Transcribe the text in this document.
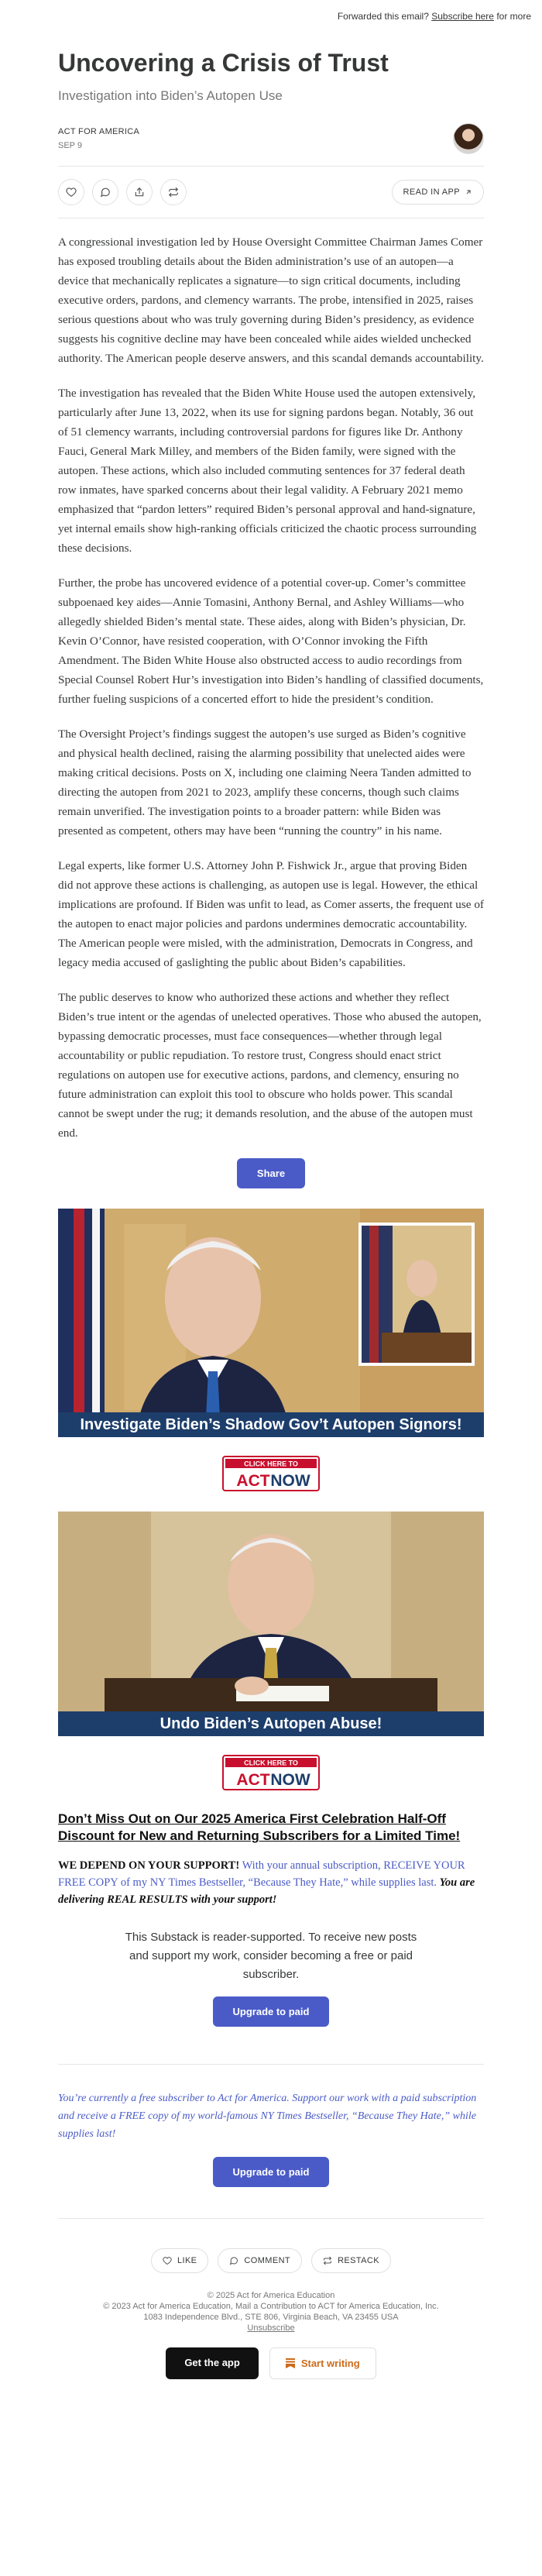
Forwarded this email? Subscribe here for more
Uncovering a Crisis of Trust
Investigation into Biden’s Autopen Use
ACT FOR AMERICA
SEP 9
READ IN APP

A congressional investigation led by House Oversight Committee Chairman James Comer has exposed troubling details about the Biden administration’s use of an autopen—a device that mechanically replicates a signature—to sign critical documents, including executive orders, pardons, and clemency warrants. The probe, intensified in 2025, raises serious questions about who was truly governing during Biden’s presidency, as evidence suggests his cognitive decline may have been concealed while aides wielded unchecked authority. The American people deserve answers, and this scandal demands accountability.

The investigation has revealed that the Biden White House used the autopen extensively, particularly after June 13, 2022, when its use for signing pardons began. Notably, 36 out of 51 clemency warrants, including controversial pardons for figures like Dr. Anthony Fauci, General Mark Milley, and members of the Biden family, were signed with the autopen. These actions, which also included commuting sentences for 37 federal death row inmates, have sparked concerns about their legal validity. A February 2021 memo emphasized that “pardon letters” required Biden’s personal approval and hand-signature, yet internal emails show high-ranking officials criticized the chaotic process surrounding these decisions.

Further, the probe has uncovered evidence of a potential cover-up. Comer’s committee subpoenaed key aides—Annie Tomasini, Anthony Bernal, and Ashley Williams—who allegedly shielded Biden’s mental state. These aides, along with Biden’s physician, Dr. Kevin O’Connor, have resisted cooperation, with O’Connor invoking the Fifth Amendment. The Biden White House also obstructed access to audio recordings from Special Counsel Robert Hur’s investigation into Biden’s handling of classified documents, further fueling suspicions of a concerted effort to hide the president’s condition.

The Oversight Project’s findings suggest the autopen’s use surged as Biden’s cognitive and physical health declined, raising the alarming possibility that unelected aides were making critical decisions. Posts on X, including one claiming Neera Tanden admitted to directing the autopen from 2021 to 2023, amplify these concerns, though such claims remain unverified. The investigation points to a broader pattern: while Biden was presented as competent, others may have been “running the country” in his name.

Legal experts, like former U.S. Attorney John P. Fishwick Jr., argue that proving Biden did not approve these actions is challenging, as autopen use is legal. However, the ethical implications are profound. If Biden was unfit to lead, as Comer asserts, the frequent use of the autopen to enact major policies and pardons undermines democratic accountability. The American people were misled, with the administration, Democrats in Congress, and legacy media accused of gaslighting the public about Biden’s capabilities.

The public deserves to know who authorized these actions and whether they reflect Biden’s true intent or the agendas of unelected operatives. Those who abused the autopen, bypassing democratic processes, must face consequences—whether through legal accountability or public repudiation. To restore trust, Congress should enact strict regulations on autopen use for executive actions, pardons, and clemency, ensuring no future administration can exploit this tool to obscure who holds power. This scandal cannot be swept under the rug; it demands resolution, and the abuse of the autopen must end.

Share
Investigate Biden’s Shadow Gov’t Autopen Signors!
CLICK HERE TO
ACT NOW
Undo Biden’s Autopen Abuse!
CLICK HERE TO
ACT NOW
Don’t Miss Out on Our 2025 America First Celebration Half-Off Discount for New and Returning Subscribers for a Limited Time!
WE DEPEND ON YOUR SUPPORT! With your annual subscription, RECEIVE YOUR FREE COPY of my NY Times Bestseller, “Because They Hate,” while supplies last. You are delivering REAL RESULTS with your support!
This Substack is reader-supported. To receive new posts and support my work, consider becoming a free or paid subscriber.
Upgrade to paid
You’re currently a free subscriber to Act for America. Support our work with a paid subscription and receive a FREE copy of my world-famous NY Times Bestseller, “Because They Hate,” while supplies last!
Upgrade to paid
LIKE	COMMENT	RESTACK
© 2025 Act for America Education
© 2023 Act for America Education, Mail a Contribution to ACT for America Education, Inc.
1083 Independence Blvd., STE 806, Virginia Beach, VA 23455 USA
Unsubscribe
Get the app	Start writing
